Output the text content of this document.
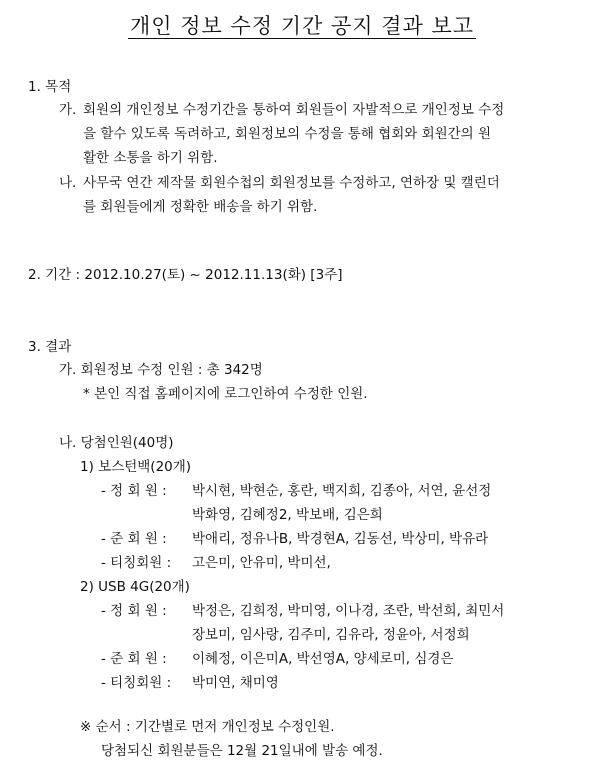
개인 정보 수정 기간 공지 결과 보고
1. 목적
가. 회원의 개인정보 수정기간을 통하여 회원들이 자발적으로 개인정보 수정
을 할수 있도록 독려하고, 회원정보의 수정을 통해 협회와 회원간의 원
활한 소통을 하기 위함.
나. 사무국 연간 제작물 회원수첩의 회원정보를 수정하고, 연하장 및 캘린더
를 회원들에게 정확한 배송을 하기 위함.
2. 기간 : 2012.10.27(토) ~ 2012.11.13(화) [3주]
3. 결과
가. 회원정보 수정 인원 : 총 342명
* 본인 직접 홈페이지에 로그인하여 수정한 인원.
나. 당첨인원(40명)
1) 보스턴백(20개)
- 정 회 원 : 박시현, 박현순, 홍란, 백지희, 김종아, 서연, 윤선정
박화영, 김혜정2, 박보배, 김은희
- 준 회 원 : 박애리, 정유나B, 박경현A, 김동선, 박상미, 박유라
- 티칭회원 : 고은미, 안유미, 박미선,
2) USB 4G(20개)
- 정 회 원 : 박정은, 김희정, 박미영, 이나경, 조란, 박선희, 최민서
장보미, 임사랑, 김주미, 김유라, 정윤아, 서정희
- 준 회 원 : 이혜정, 이은미A, 박선영A, 양세로미, 심경은
- 티칭회원 : 박미연, 채미영
※ 순서 : 기간별로 먼저 개인정보 수정인원.
당첨되신 회원분들은 12월 21일내에 발송 예정.
